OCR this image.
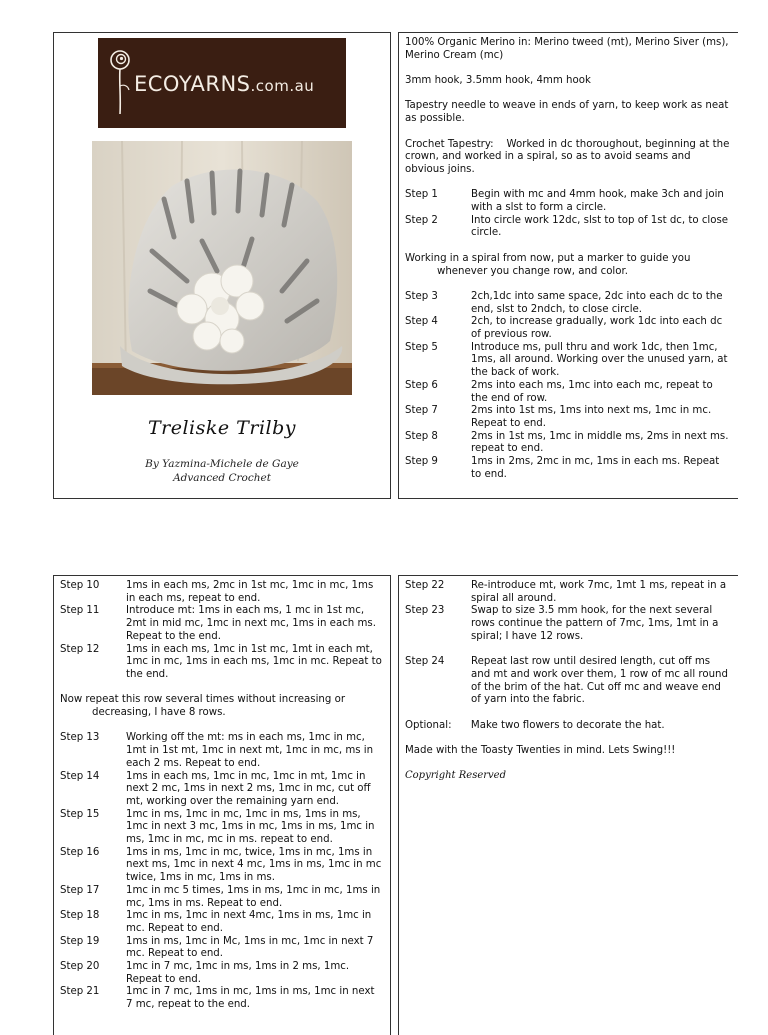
ECOYARNS.com.au
Treliske Trilby
By Yazmina-Michele de Gaye
Advanced Crochet

100% Organic Merino in: Merino tweed (mt), Merino Siver (ms), Merino Cream (mc)

3mm hook, 3.5mm hook, 4mm hook

Tapestry needle to weave in ends of yarn, to keep work as neat as possible.

Crochet Tapestry:    Worked in dc thoroughout, beginning at the crown, and worked in a spiral, so as to avoid seams and obvious joins.

Step 1	Begin with mc and 4mm hook, make 3ch and join with a slst to form a circle.
Step 2	Into circle work 12dc, slst to top of 1st dc, to close circle.

Working in a spiral from now, put a marker to guide you whenever you change row, and color.

Step 3	2ch,1dc into same space, 2dc into each dc to the end, slst to 2ndch, to close circle.
Step 4	2ch, to increase gradually, work 1dc into each dc of previous row.
Step 5	Introduce ms, pull thru and work 1dc, then 1mc, 1ms, all around. Working over the unused yarn, at the back of work.
Step 6	2ms into each ms, 1mc into each mc, repeat to the end of row.
Step 7	2ms into 1st ms, 1ms into next ms, 1mc in mc. Repeat to end.
Step 8	2ms in 1st ms, 1mc in middle ms, 2ms in next ms. repeat to end.
Step 9	1ms in 2ms, 2mc in mc, 1ms in each ms. Repeat to end.
Step 10	1ms in each ms, 2mc in 1st mc, 1mc in mc, 1ms in each ms, repeat to end.
Step 11	Introduce mt: 1ms in each ms, 1 mc in 1st mc, 2mt in mid mc, 1mc in next mc, 1ms in each ms. Repeat to the end.
Step 12	1ms in each ms, 1mc in 1st mc, 1mt in each mt, 1mc in mc, 1ms in each ms, 1mc in mc. Repeat to the end.

Now repeat this row several times without increasing or decreasing, I have 8 rows.

Step 13	Working off the mt: ms in each ms, 1mc in mc, 1mt in 1st mt, 1mc in next mt, 1mc in mc, ms in each 2 ms. Repeat to end.
Step 14	1ms in each ms, 1mc in mc, 1mc in mt, 1mc in next 2 mc, 1ms in next 2 ms, 1mc in mc, cut off mt, working over the remaining yarn end.
Step 15	1mc in ms, 1mc in mc, 1mc in ms, 1ms in ms, 1mc in next 3 mc, 1ms in mc, 1ms in ms, 1mc in ms, 1mc in mc, mc in ms. repeat to end.
Step 16	1ms in ms, 1mc in mc, twice, 1ms in mc, 1ms in next ms, 1mc in next 4 mc, 1ms in ms, 1mc in mc twice, 1ms in mc, 1ms in ms.
Step 17	1mc in mc 5 times, 1ms in ms, 1mc in mc, 1ms in mc, 1ms in ms. Repeat to end.
Step 18	1mc in ms, 1mc in next 4mc, 1ms in ms, 1mc in mc. Repeat to end.
Step 19	1ms in ms, 1mc in Mc, 1ms in mc, 1mc in next 7 mc. Repeat to end.
Step 20	1mc in 7 mc, 1mc in ms, 1ms in 2 ms, 1mc. Repeat to end.
Step 21	1mc in 7 mc, 1ms in mc, 1ms in ms, 1mc in next 7 mc, repeat to the end.
Step 22	Re-introduce mt, work 7mc, 1mt 1 ms, repeat in a spiral all around.
Step 23	Swap to size 3.5 mm hook, for the next several rows continue the pattern of 7mc, 1ms, 1mt in a spiral; I have 12 rows.
Step 24	Repeat last row until desired length, cut off ms and mt and work over them, 1 row of mc all round of the brim of the hat. Cut off mc and weave end of yarn into the fabric.

Optional:      Make two flowers to decorate the hat.

Made with the Toasty Twenties in mind. Lets Swing!!!

Copyright Reserved
